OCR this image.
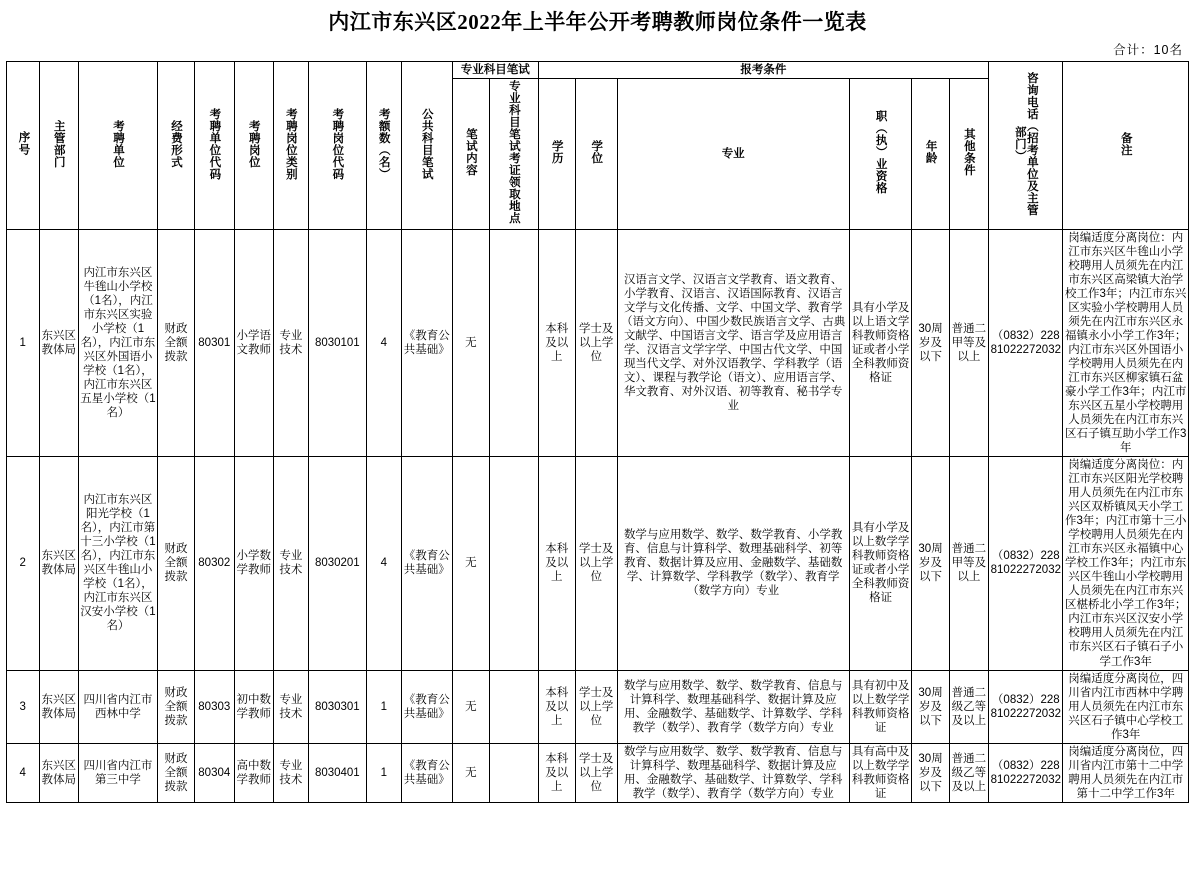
内江市东兴区2022年上半年公开考聘教师岗位条件一览表
合计：10名
序号	主管部门	考聘单位	经费形式	考聘单位代码	考聘岗位	考聘岗位类别	考聘岗位代码	考额数（名）	公共科目笔试	专业科目笔试		报考条件						咨询电话（招考单位及主管部门）	备注
										笔试内容	专业科目笔试考证领取地点	学历	学位	专业	职（执）业资格	年龄	其他条件		

1	东兴区教体局	内江市东兴区牛毪山小学校（1名），内江市东兴区实验小学校（1名），内江市东兴区外国语小学校（1名），内江市东兴区五星小学校（1名）	财政全额拨款	80301	小学语文教师	专业技术	8030101	4	《教育公共基础》	无		本科及以上	学士及以上学位	汉语言文学、汉语言文学教育、语文教育、小学教育、汉语言、汉语国际教育、汉语言文学与文化传播、文学、中国文学、教育学（语文方向）、中国少数民族语言文学、古典文献学、中国语言文学、语言学及应用语言学、汉语言文学字学、中国古代文学、中国现当代文学、对外汉语教学、学科教学（语文）、课程与教学论（语文）、应用语言学、华文教育、对外汉语、初等教育、秘书学专业	具有小学及以上语文学科教师资格证或者小学全科教师资格证	30周岁及以下	普通二甲等及以上	（0832）22881022272032	岗编适度分离岗位：内江市东兴区牛毪山小学校聘用人员须先在内江市东兴区高梁镇大治学校工作3年；内江市东兴区实验小学校聘用人员须先在内江市东兴区永福镇永小小学工作3年；内江市东兴区外国语小学校聘用人员须先在内江市东兴区柳家镇石盆豪小学工作3年；内江市东兴区五星小学校聘用人员须先在内江市东兴区石子镇互助小学工作3年
2	东兴区教体局	内江市东兴区阳光学校（1名），内江市第十三小学校（1名），内江市东兴区牛毪山小学校（1名），内江市东兴区汉安小学校（1名）	财政全额拨款	80302	小学数学教师	专业技术	8030201	4	《教育公共基础》	无		本科及以上	学士及以上学位	数学与应用数学、数学、数学教育、小学教育、信息与计算科学、数理基础科学、初等教育、数据计算及应用、金融数学、基础数学、计算数学、学科教学（数学）、教育学（数学方向）专业	具有小学及以上数学学科教师资格证或者小学全科教师资格证	30周岁及以下	普通二甲等及以上	（0832）22881022272032	岗编适度分离岗位：内江市东兴区阳光学校聘用人员须先在内江市东兴区双桥镇凤天小学工作3年；内江市第十三小学校聘用人员须先在内江市东兴区永福镇中心学校工作3年；内江市东兴区牛毪山小学校聘用人员须先在内江市东兴区椹桥北小学工作3年；内江市东兴区汉安小学校聘用人员须先在内江市东兴区石子镇石子小学工作3年
3	东兴区教体局	四川省内江市西林中学	财政全额拨款	80303	初中数学教师	专业技术	8030301	1	《教育公共基础》	无		本科及以上	学士及以上学位	数学与应用数学、数学、数学教育、信息与计算科学、数理基础科学、数据计算及应用、金融数学、基础数学、计算数学、学科教学（数学）、教育学（数学方向）专业	具有初中及以上数学学科教师资格证	30周岁及以下	普通二级乙等及以上	（0832）22881022272032	岗编适度分离岗位，四川省内江市西林中学聘用人员须先在内江市东兴区石子镇中心学校工作3年
4	东兴区教体局	四川省内江市第三中学	财政全额拨款	80304	高中数学教师	专业技术	8030401	1	《教育公共基础》	无		本科及以上	学士及以上学位	数学与应用数学、数学、数学教育、信息与计算科学、数理基础科学、数据计算及应用、金融数学、基础数学、计算数学、学科教学（数学）、教育学（数学方向）专业	具有高中及以上数学学科教师资格证	30周岁及以下	普通二级乙等及以上	（0832）22881022272032	岗编适度分离岗位，四川省内江市第十二中学聘用人员须先在内江市第十二中学工作3年
